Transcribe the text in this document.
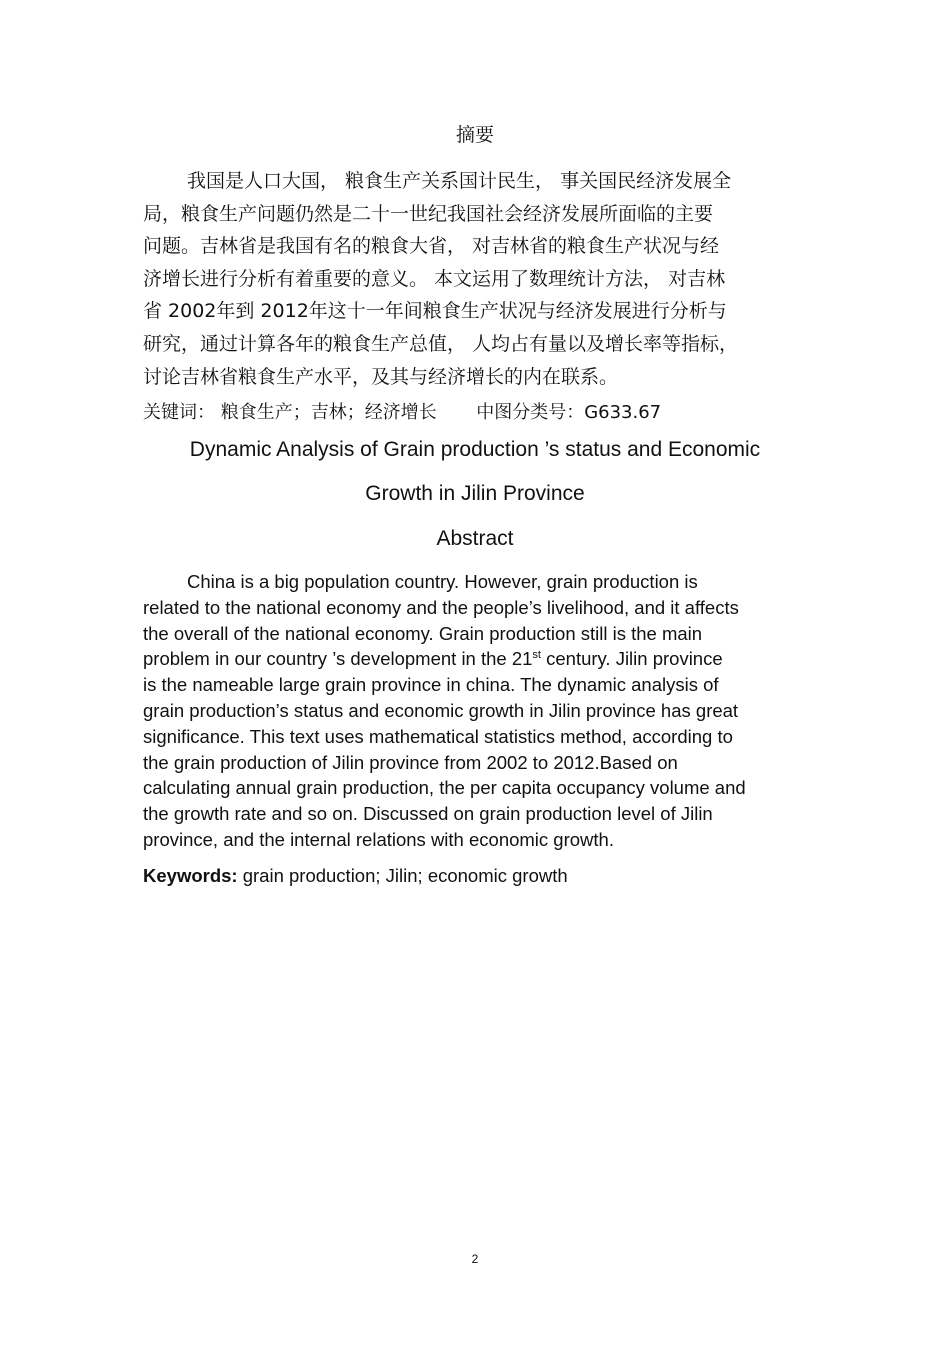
摘要
我国是人口大国， 粮食生产关系国计民生， 事关国民经济发展全
局，粮食生产问题仍然是二十一世纪我国社会经济发展所面临的主要
问题。吉林省是我国有名的粮食大省， 对吉林省的粮食生产状况与经
济增长进行分析有着重要的意义。 本文运用了数理统计方法， 对吉林
省 2002年到 2012年这十一年间粮食生产状况与经济发展进行分析与
研究，通过计算各年的粮食生产总值， 人均占有量以及增长率等指标，
讨论吉林省粮食生产水平，及其与经济增长的内在联系。
关键词： 粮食生产；吉林；经济增长 中图分类号：G633.67
Dynamic Analysis of Grain production ’s status and Economic
Growth in Jilin Province
Abstract
China is a big population country. However, grain production is
related to the national economy and the people’s livelihood, and it affects
the overall of the national economy. Grain production still is the main
problem in our country ’s development in the 21st century. Jilin province
is the nameable large grain province in china. The dynamic analysis of
grain production’s status and economic growth in Jilin province has great
significance. This text uses mathematical statistics method, according to
the grain production of Jilin province from 2002 to 2012.Based on
calculating annual grain production, the per capita occupancy volume and
the growth rate and so on. Discussed on grain production level of Jilin
province, and the internal relations with economic growth.
Keywords: grain production; Jilin; economic growth
2
